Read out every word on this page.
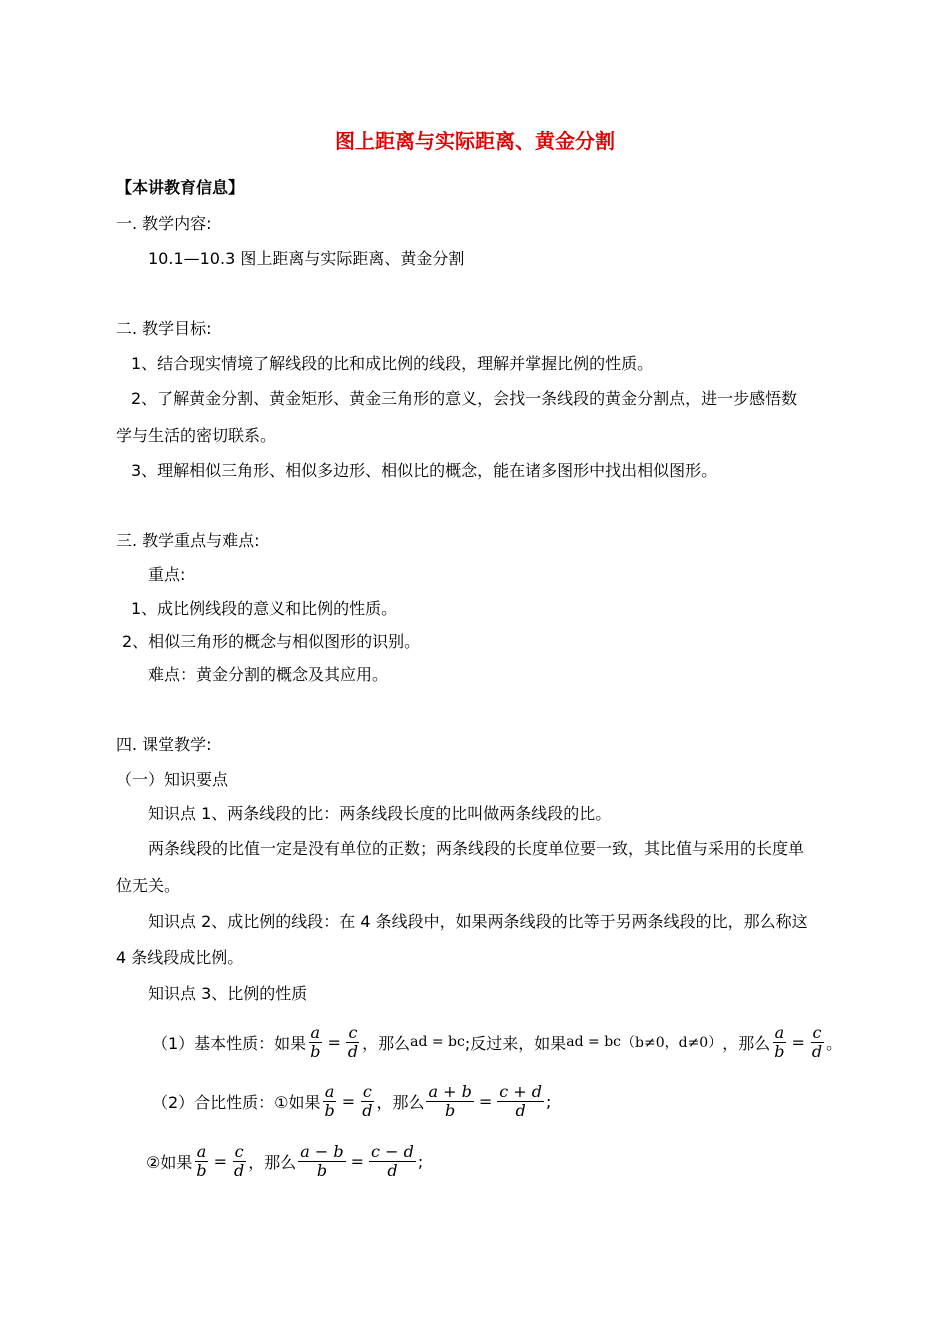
图上距离与实际距离、黄金分割
【本讲教育信息】
一. 教学内容:
10.1—10.3 图上距离与实际距离、黄金分割
二. 教学目标:
1、结合现实情境了解线段的比和成比例的线段，理解并掌握比例的性质。
2、了解黄金分割、黄金矩形、黄金三角形的意义，会找一条线段的黄金分割点，进一步感悟数
学与生活的密切联系。
3、理解相似三角形、相似多边形、相似比的概念，能在诸多图形中找出相似图形。
三. 教学重点与难点:
重点:
1、成比例线段的意义和比例的性质。
2、相似三角形的概念与相似图形的识别。
难点：黄金分割的概念及其应用。
四. 课堂教学:
（一）知识要点
知识点 1、两条线段的比：两条线段长度的比叫做两条线段的比。
两条线段的比值一定是没有单位的正数；两条线段的长度单位要一致，其比值与采用的长度单
位无关。
知识点 2、成比例的线段：在 4 条线段中，如果两条线段的比等于另两条线段的比，那么称这
4 条线段成比例。
知识点 3、比例的性质
（1）基本性质：如果 $\frac{a}{b} = \frac{c}{d}$ ，那么 ad = bc ;反过来，如果 ad = bc （b≠0，d≠0） ，那么 $\frac{a}{b} = \frac{c}{d}$ 。
（2）合比性质：①如果 $\frac{a}{b} = \frac{c}{d}$ ，那么 $\frac{a + b}{b} = \frac{c + d}{d}$ ;
②如果 $\frac{a}{b} = \frac{c}{d}$ ，那么 $\frac{a - b}{b} = \frac{c - d}{d}$ ;
